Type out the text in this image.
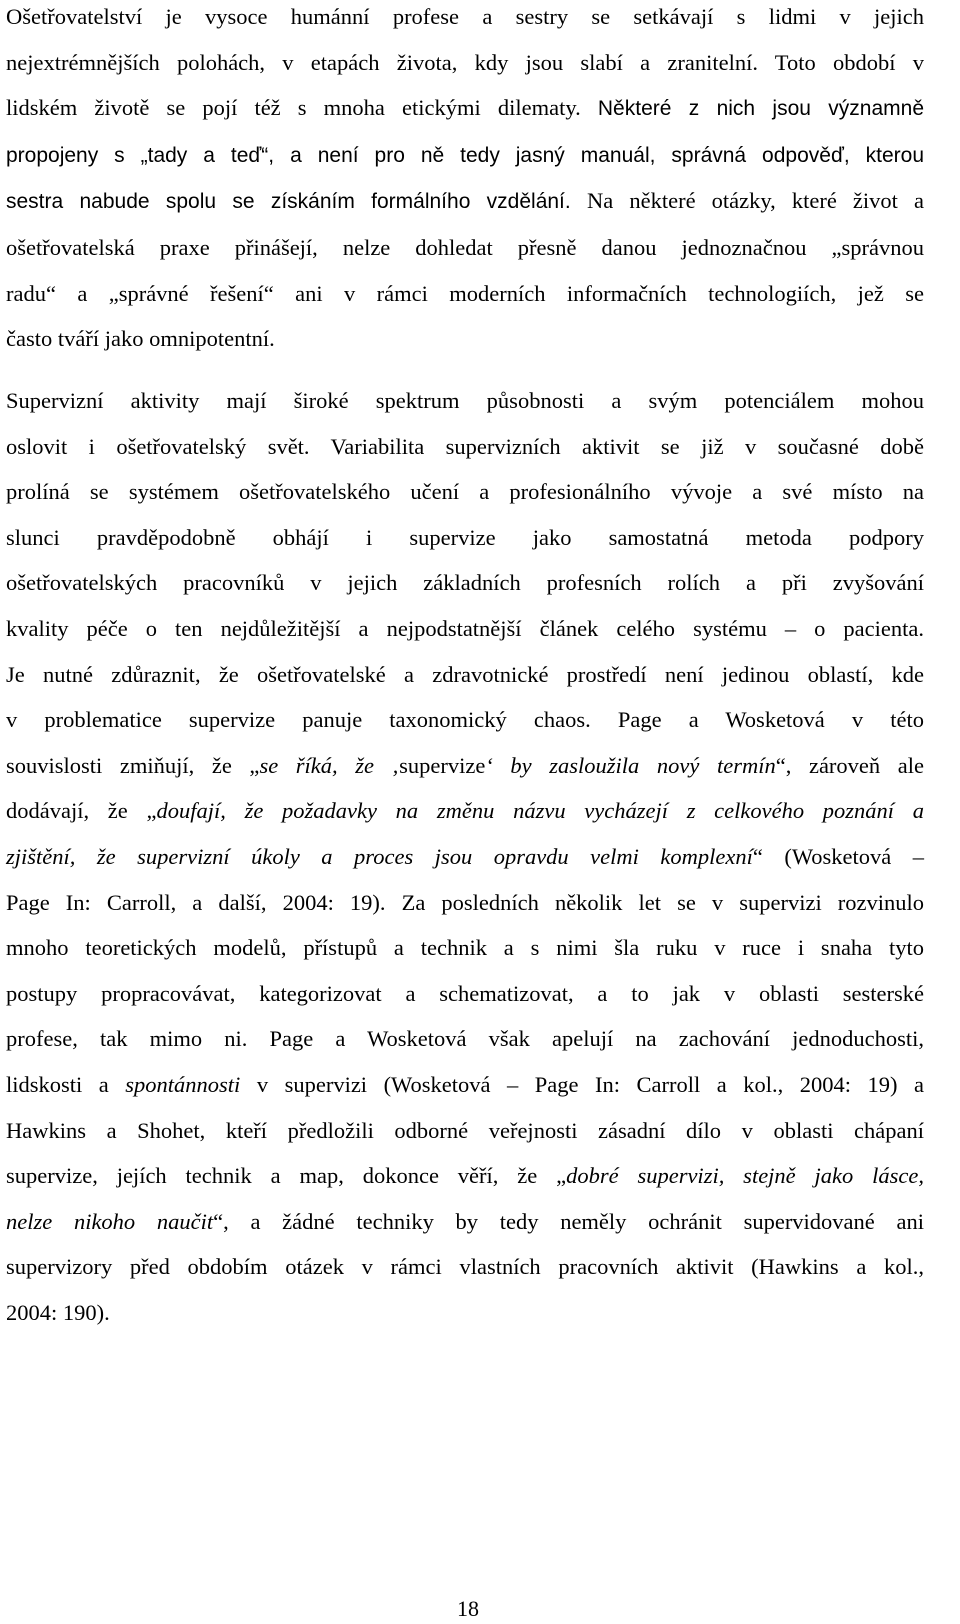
Ošetřovatelství je vysoce humánní profese a sestry se setkávají s lidmi v jejich
nejextrémnějších polohách, v etapách života, kdy jsou slabí a zranitelní. Toto období v
lidském životě se pojí též s mnoha etickými dilematy. Některé z nich jsou významně
propojeny s „tady a teď“, a není pro ně tedy jasný manuál, správná odpověď, kterou
sestra nabude spolu se získáním formálního vzdělání. Na některé otázky, které život a
ošetřovatelská praxe přinášejí, nelze dohledat přesně danou jednoznačnou „správnou
radu“ a „správné řešení“ ani v rámci moderních informačních technologiích, jež se
často tváří jako omnipotentní.
Supervizní aktivity mají široké spektrum působnosti a svým potenciálem mohou
oslovit i ošetřovatelský svět. Variabilita supervizních aktivit se již v současné době
prolíná se systémem ošetřovatelského učení a profesionálního vývoje a své místo na
slunci pravděpodobně obhájí i supervize jako samostatná metoda podpory
ošetřovatelských pracovníků v jejich základních profesních rolích a při zvyšování
kvality péče o ten nejdůležitější a nejpodstatnější článek celého systému – o pacienta.
Je nutné zdůraznit, že ošetřovatelské a zdravotnické prostředí není jedinou oblastí, kde
v problematice supervize panuje taxonomický chaos. Page a Wosketová v této
souvislosti zmiňují, že „se říká, že ‚supervize‘ by zasloužila nový termín“, zároveň ale
dodávají, že „doufají, že požadavky na změnu názvu vycházejí z celkového poznání a
zjištění, že supervizní úkoly a proces jsou opravdu velmi komplexní“ (Wosketová –
Page In: Carroll, a další, 2004: 19). Za posledních několik let se v supervizi rozvinulo
mnoho teoretických modelů, přístupů a technik a s nimi šla ruku v ruce i snaha tyto
postupy propracovávat, kategorizovat a schematizovat, a to jak v oblasti sesterské
profese, tak mimo ni. Page a Wosketová však apelují na zachování jednoduchosti,
lidskosti a spontánnosti v supervizi (Wosketová – Page In: Carroll a kol., 2004: 19) a
Hawkins a Shohet, kteří předložili odborné veřejnosti zásadní dílo v oblasti chápaní
supervize, jejích technik a map, dokonce věří, že „dobré supervizi, stejně jako lásce,
nelze nikoho naučit“, a žádné techniky by tedy neměly ochránit supervidované ani
supervizory před obdobím otázek v rámci vlastních pracovních aktivit (Hawkins a kol.,
2004: 190).
18
